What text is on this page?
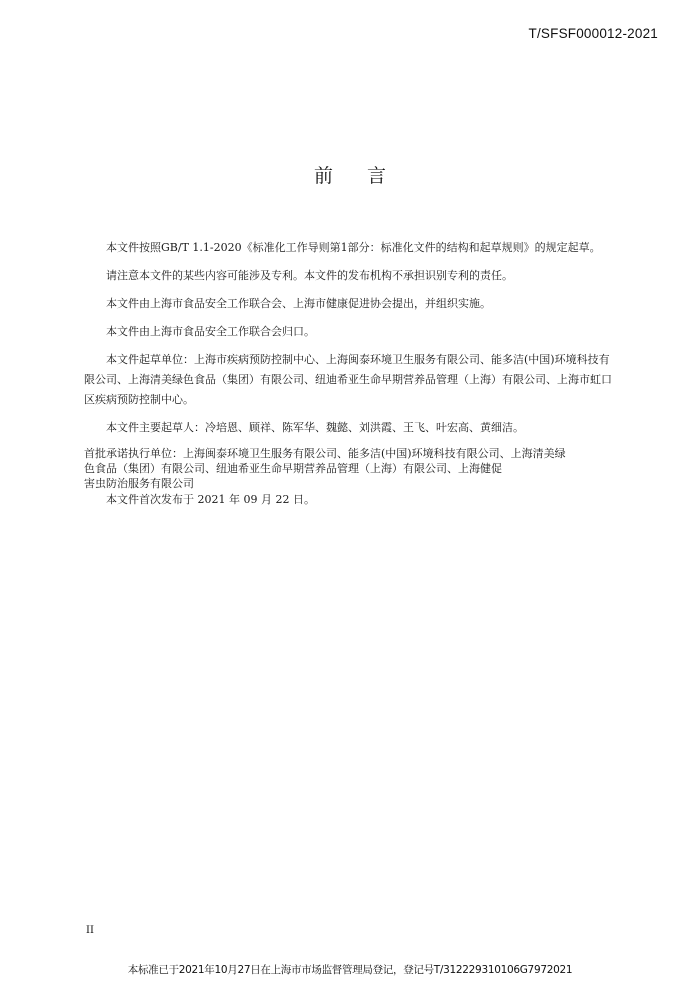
T/SFSF000012-2021
前言

本文件按照GB/T 1.1-2020《标准化工作导则第1部分：标准化文件的结构和起草规则》的规定起草。

请注意本文件的某些内容可能涉及专利。本文件的发布机构不承担识别专利的责任。

本文件由上海市食品安全工作联合会、上海市健康促进协会提出，并组织实施。

本文件由上海市食品安全工作联合会归口。

本文件起草单位：上海市疾病预防控制中心、上海闽泰环境卫生服务有限公司、能多洁(中国)环境科技有限公司、上海清美绿色食品（集团）有限公司、纽迪希亚生命早期营养品管理（上海）有限公司、上海市虹口区疾病预防控制中心。

本文件主要起草人：冷培恩、顾祥、陈军华、魏懿、刘洪霞、王飞、叶宏高、黄细洁。

首批承诺执行单位：上海闽泰环境卫生服务有限公司、能多洁(中国)环境科技有限公司、上海清美绿

色食品（集团）有限公司、纽迪希亚生命早期营养品管理（上海）有限公司、上海健促

害虫防治服务有限公司

本文件首次发布于 2021 年 09 月 22 日。

II
本标准已于2021年10月27日在上海市市场监督管理局登记，登记号T/312229310106G7972021
